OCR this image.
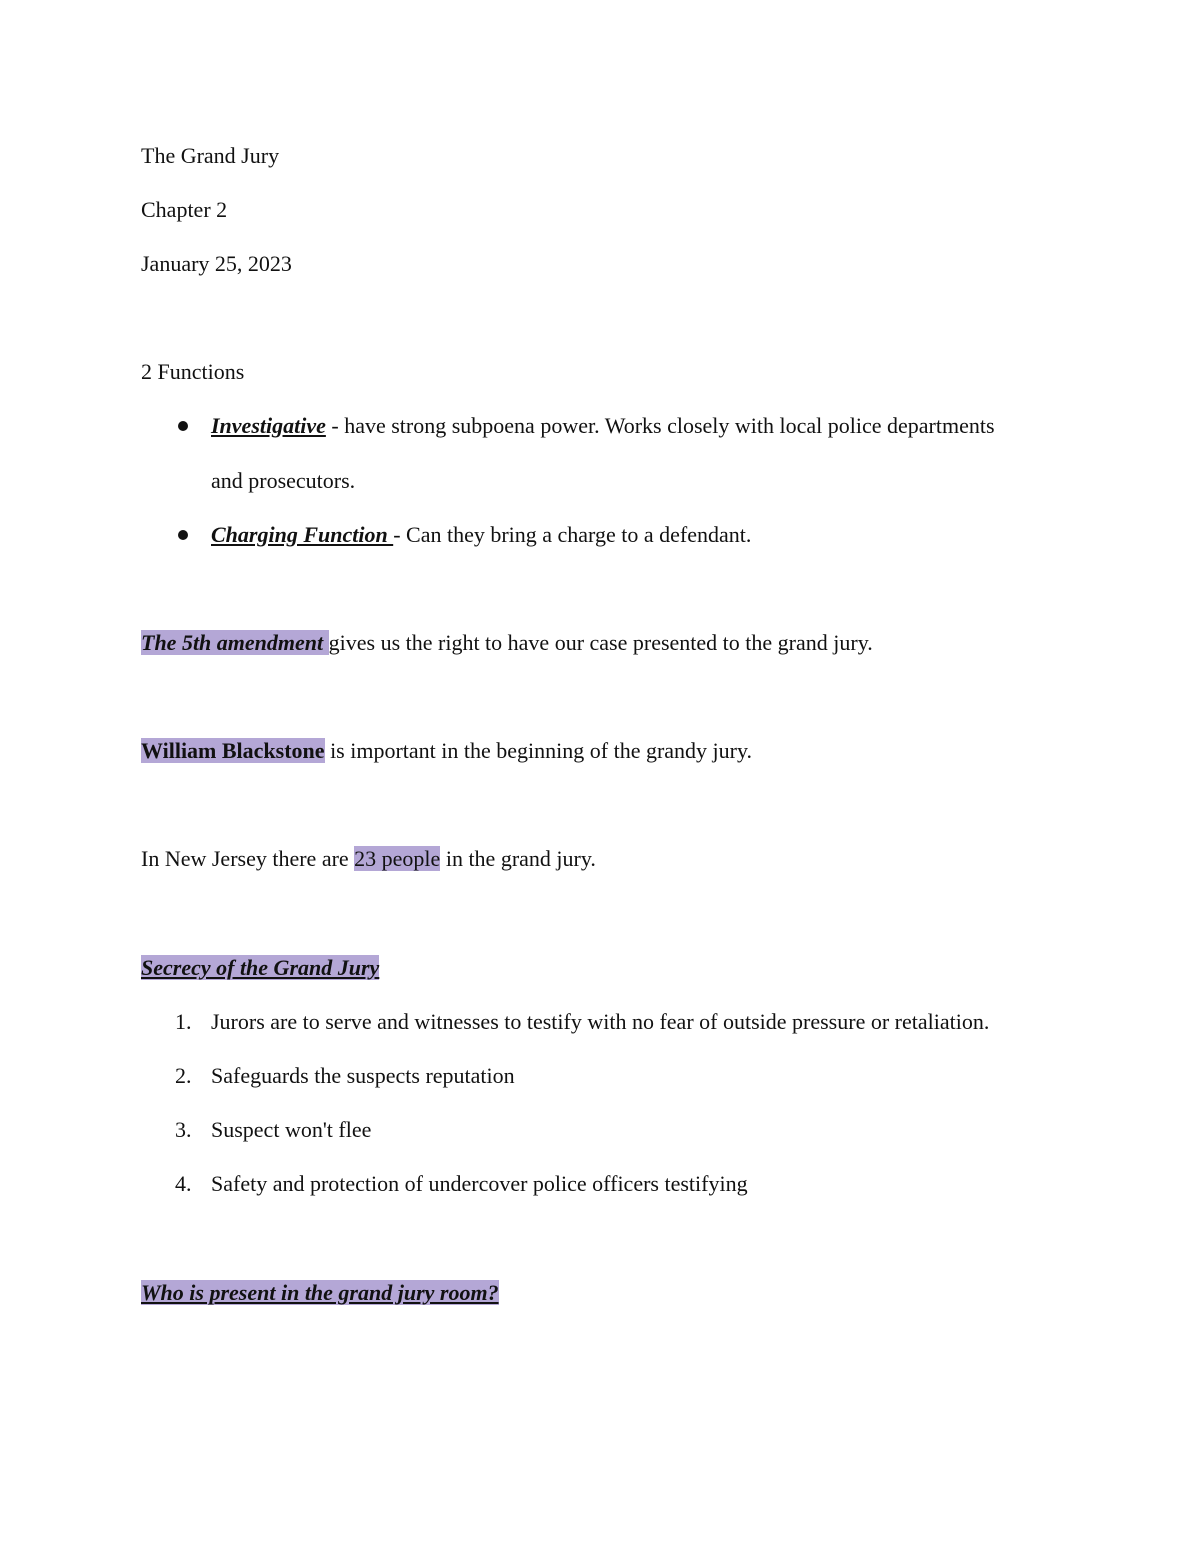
The Grand Jury
Chapter 2
January 25, 2023
2 Functions
Investigative - have strong subpoena power. Works closely with local police departments
and prosecutors.
Charging Function - Can they bring a charge to a defendant.
The 5th amendment gives us the right to have our case presented to the grand jury.
William Blackstone is important in the beginning of the grandy jury.
In New Jersey there are 23 people in the grand jury.
Secrecy of the Grand Jury
1. Jurors are to serve and witnesses to testify with no fear of outside pressure or retaliation.
2. Safeguards the suspects reputation
3. Suspect won't flee
4. Safety and protection of undercover police officers testifying
Who is present in the grand jury room?
